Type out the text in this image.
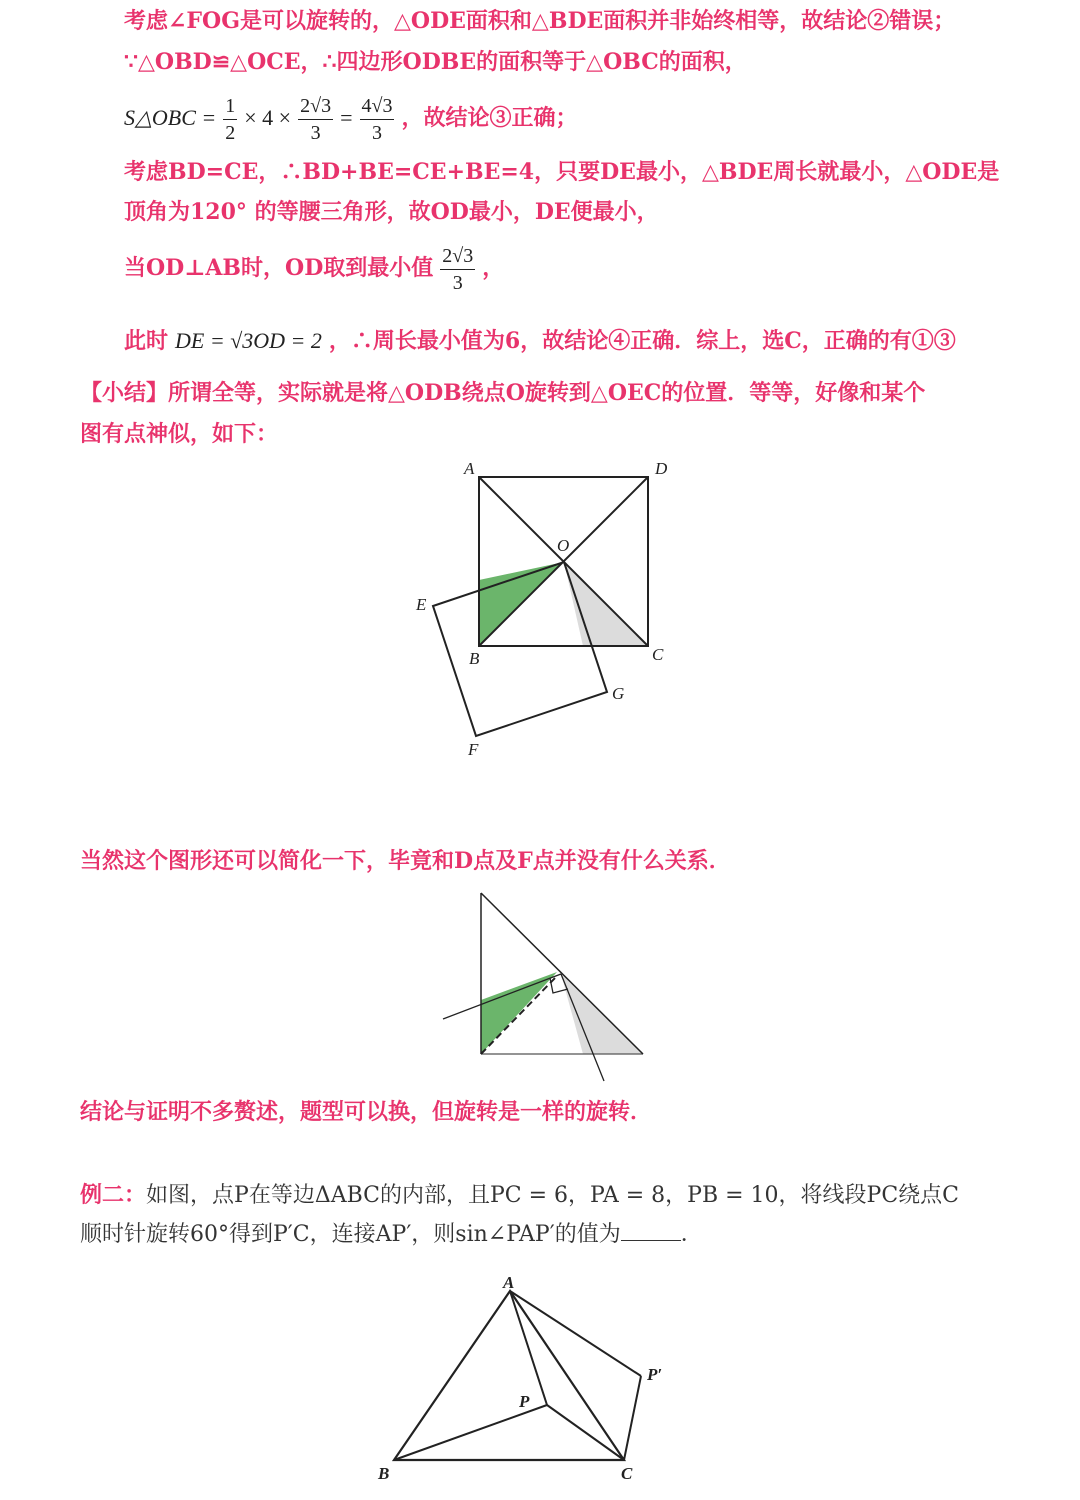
考虑∠FOG是可以旋转的，△ODE面积和△BDE面积并非始终相等，故结论②错误；
∵△OBD≌△OCE，∴四边形ODBE的面积等于△OBC的面积，
S△OBC = $\frac{1}{2} \times 4 \times \frac{2√3}{3} = \frac{4√3}{3}$ ，故结论③正确；
考虑BD=CE，∴BD+BE=CE+BE=4，只要DE最小，△BDE周长就最小，△ODE是
顶角为120° 的等腰三角形，故OD最小，DE便最小，
当OD⊥AB时，OD取到最小值 $\frac{2√3}{3}$ ，
此时 DE = √3OD = 2 ，∴周长最小值为6，故结论④正确．综上，选C，正确的有①③
【小结】所谓全等，实际就是将△ODB绕点O旋转到△OEC的位置．等等，好像和某个
图有点神似，如下：
A	D
O
E
B	C
G
F
当然这个图形还可以简化一下，毕竟和D点及F点并没有什么关系．
结论与证明不多赘述，题型可以换，但旋转是一样的旋转．
例二：如图，点P在等边ΔABC的内部，且PC = 6，PA = 8，PB = 10，将线段PC绕点C
顺时针旋转60°得到P′C，连接AP′，则sin∠PAP′的值为	．
A
P′
P
B	C
